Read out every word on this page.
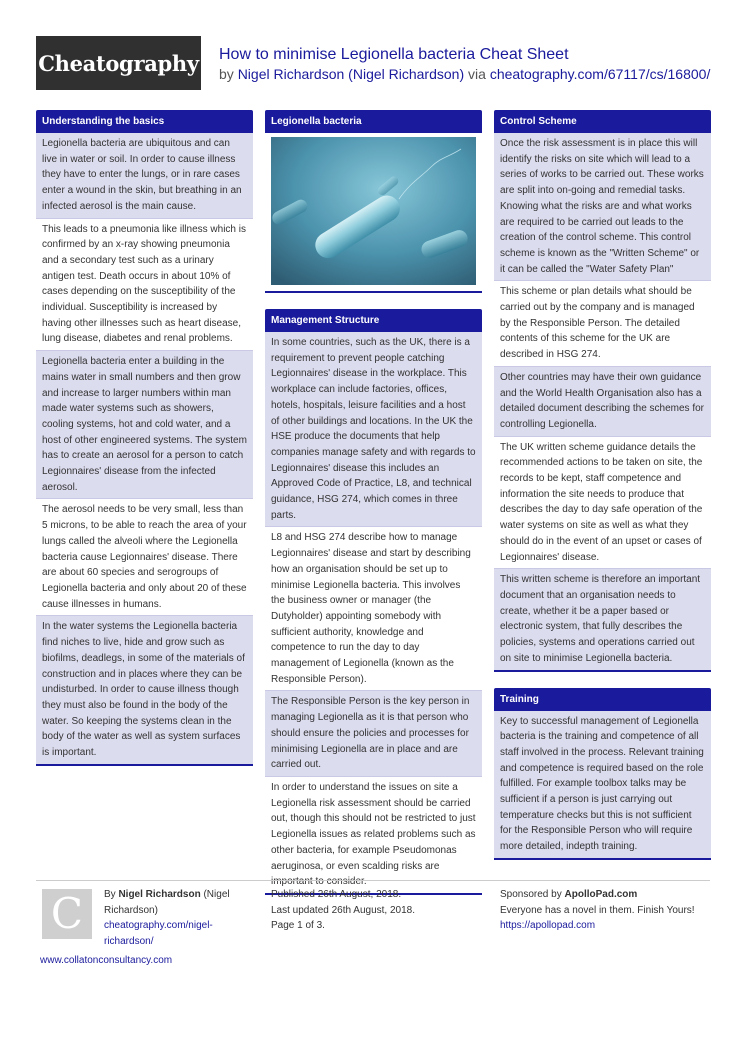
Cheatography How to minimise Legionella bacteria Cheat Sheet
by Nigel Richardson (Nigel Richardson) via cheatography.com/67117/cs/16800/
Understanding the basics
Legionella bacteria are ubiquitous and can live in water or soil. In order to cause illness they have to enter the lungs, or in rare cases enter a wound in the skin, but breathing in an infected aerosol is the main cause.
This leads to a pneumonia like illness which is confirmed by an x-ray showing pneumonia and a secondary test such as a urinary antigen test. Death occurs in about 10% of cases depending on the susceptibility of the individual. Susceptibility is increased by having other illnesses such as heart disease, lung disease, diabetes and renal problems.
Legionella bacteria enter a building in the mains water in small numbers and then grow and increase to larger numbers within man made water systems such as showers, cooling systems, hot and cold water, and a host of other engineered systems. The system has to create an aerosol for a person to catch Legionnaires' disease from the infected aerosol.
The aerosol needs to be very small, less than 5 microns, to be able to reach the area of your lungs called the alveoli where the Legionella bacteria cause Legionnaires' disease. There are about 60 species and serogroups of Legionella bacteria and only about 20 of these cause illnesses in humans.
In the water systems the Legionella bacteria find niches to live, hide and grow such as biofilms, deadlegs, in some of the materials of construction and in places where they can be undisturbed. In order to cause illness though they must also be found in the body of the water. So keeping the systems clean in the body of the water as well as system surfaces is important.
Legionella bacteria
Management Structure
In some countries, such as the UK, there is a requirement to prevent people catching Legionnaires' disease in the workplace. This workplace can include factories, offices, hotels, hospitals, leisure facilities and a host of other buildings and locations. In the UK the HSE produce the documents that help companies manage safety and with regards to Legionnaires' disease this includes an Approved Code of Practice, L8, and technical guidance, HSG 274, which comes in three parts.
L8 and HSG 274 describe how to manage Legionnaires' disease and start by describing how an organisation should be set up to minimise Legionella bacteria. This involves the business owner or manager (the Dutyholder) appointing somebody with sufficient authority, knowledge and competence to run the day to day management of Legionella (known as the Responsible Person).
The Responsible Person is the key person in managing Legionella as it is that person who should ensure the policies and processes for minimising Legionella are in place and are carried out.
In order to understand the issues on site a Legionella risk assessment should be carried out, though this should not be restricted to just Legionella issues as related problems such as other bacteria, for example Pseudomonas aeruginosa, or even scalding risks are important to consider.
Control Scheme
Once the risk assessment is in place this will identify the risks on site which will lead to a series of works to be carried out. These works are split into on-going and remedial tasks. Knowing what the risks are and what works are required to be carried out leads to the creation of the control scheme. This control scheme is known as the "Written Scheme" or it can be called the "Water Safety Plan"
This scheme or plan details what should be carried out by the company and is managed by the Responsible Person. The detailed contents of this scheme for the UK are described in HSG 274.
Other countries may have their own guidance and the World Health Organisation also has a detailed document describing the schemes for controlling Legionella.
The UK written scheme guidance details the recommended actions to be taken on site, the records to be kept, staff competence and information the site needs to produce that describes the day to day safe operation of the water systems on site as well as what they should do in the event of an upset or cases of Legionnaires' disease.
This written scheme is therefore an important document that an organisation needs to create, whether it be a paper based or electronic system, that fully describes the policies, systems and operations carried out on site to minimise Legionella bacteria.
Training
Key to successful management of Legionella bacteria is the training and competence of all staff involved in the process. Relevant training and competence is required based on the role fulfilled. For example toolbox talks may be sufficient if a person is just carrying out temperature checks but this is not sufficient for the Responsible Person who will require more detailed, indepth training.
C	By Nigel Richardson (Nigel Richardson)
cheatography.com/nigel-
richardson/
www.collatonconsultancy.com
Published 26th August, 2018.
Last updated 26th August, 2018.
Page 1 of 3.
Sponsored by ApolloPad.com
Everyone has a novel in them. Finish Yours!
https://apollopad.com
